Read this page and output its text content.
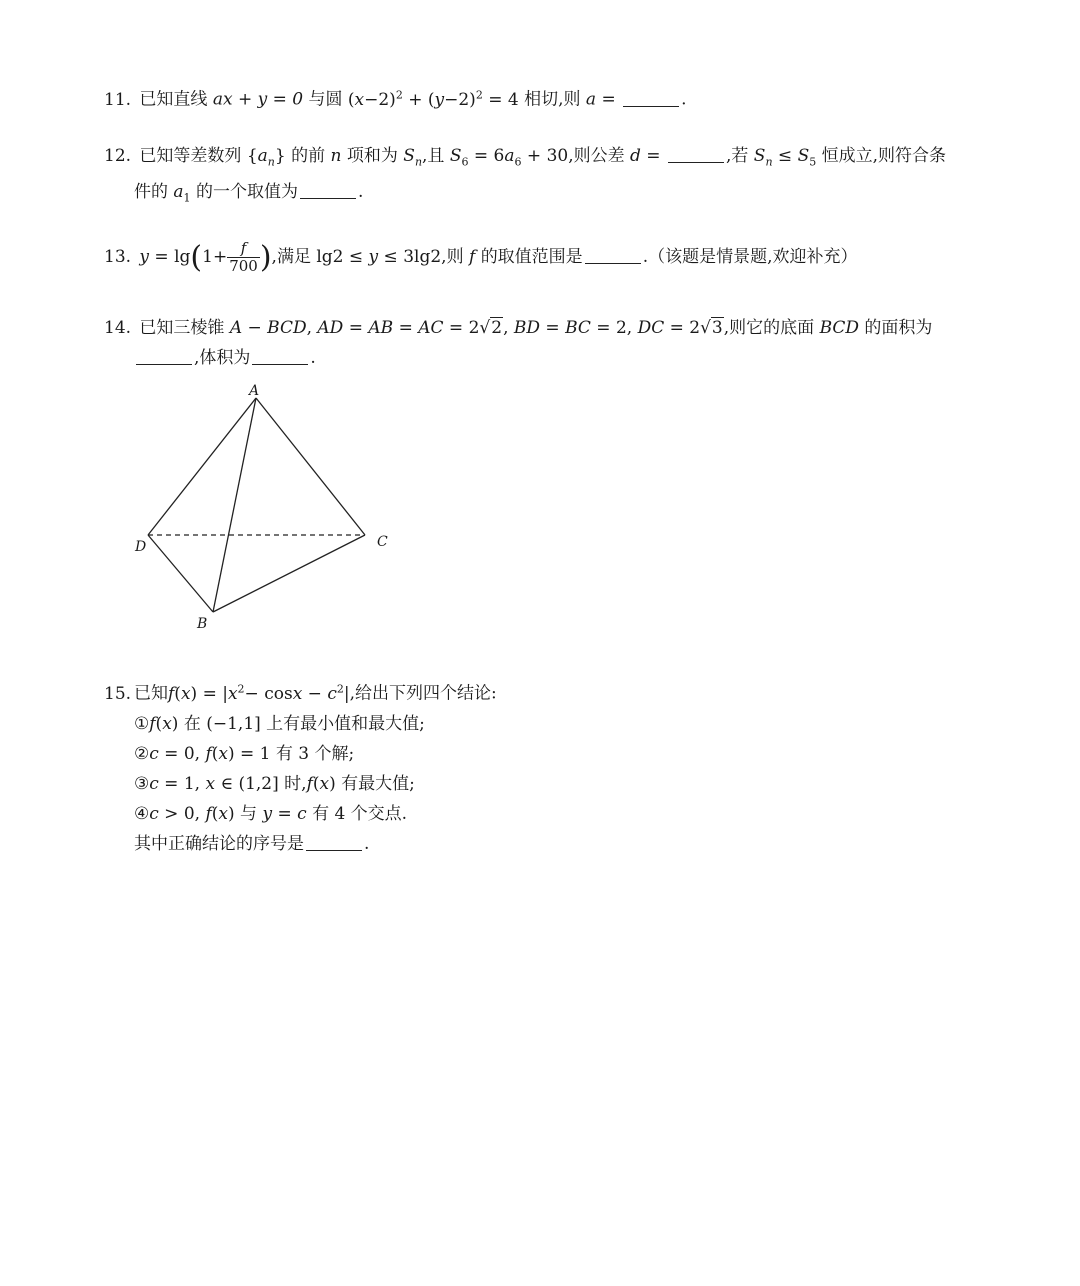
11. 已知直线 ax + y = 0 与圆 $(x-2)^2 + (y-2)^2 = 4$ 相切,则 a =	.
12. 已知等差数列 $\{a_n\}$ 的前 n 项和为 $S_n$,且 $S_6 = 6a_6 + 30$,则公差 d =	,若 $S_n \le S_5$ 恒成立,则符合条
件的 $a_1$ 的一个取值为	.
13. $y = \lg(1+ \frac{f}{700}$ ),满足 lg2 ≤ y ≤ 3lg2,则 f 的取值范围是	.（该题是情景题,欢迎补充）
14. 已知三棱锥 A − BCD, AD = AB = AC = 2√2, BD = BC = 2, DC = 2√3,则它的底面 BCD 的面积为
,体积为	.
A
D	C
B
15. 已知$f(x) = |x^2- \cos x - c^2|$,给出下列四个结论:
①f(x) 在 (−1,1] 上有最小值和最大值;
②c = 0, f(x) = 1 有 3 个解;
③c = 1, x ∈ (1,2] 时,f(x) 有最大值;
④c > 0, f(x) 与 y = c 有 4 个交点.
其中正确结论的序号是	.
